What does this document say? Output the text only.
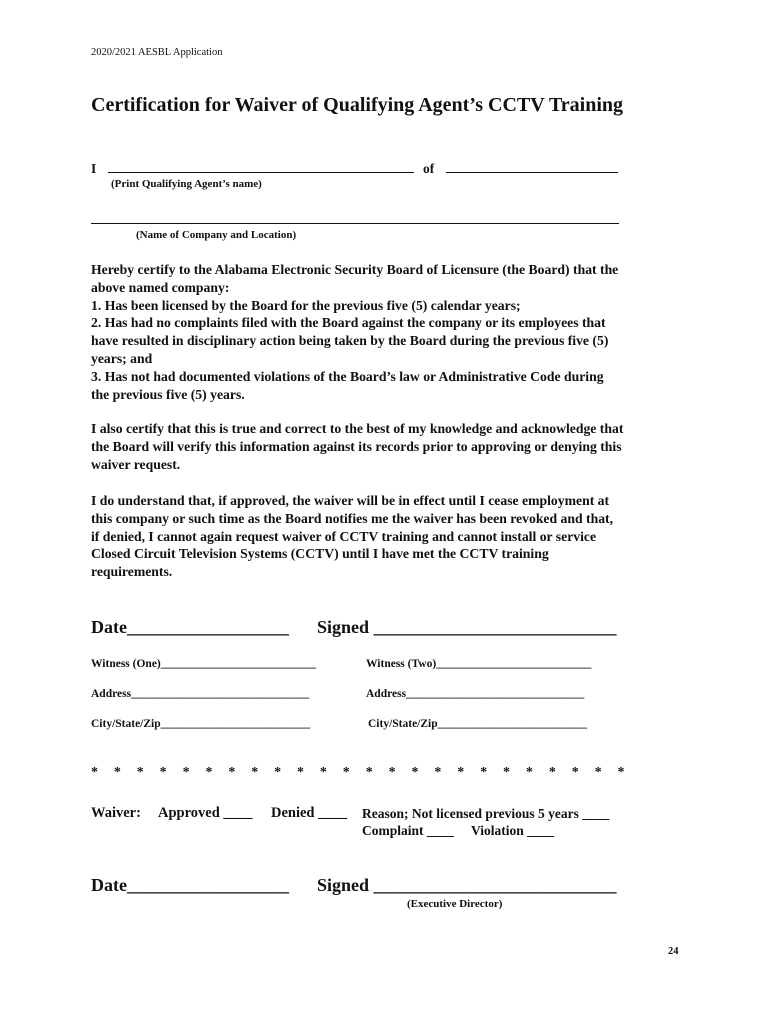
2020/2021 AESBL Application
Certification for Waiver of Qualifying Agent’s CCTV Training
I	of
(Print Qualifying Agent’s name)
(Name of Company and Location)

Hereby certify to the Alabama Electronic Security Board of Licensure (the Board) that the

above named company:

1. Has been licensed by the Board for the previous five (5) calendar years;

2. Has had no complaints filed with the Board against the company or its employees that

have resulted in disciplinary action being taken by the Board during the previous five (5)

years; and

3. Has not had documented violations of the Board’s law or Administrative Code during

the previous five (5) years.

I also certify that this is true and correct to the best of my knowledge and acknowledge that

the Board will verify this information against its records prior to approving or denying this

waiver request.

I do understand that, if approved, the waiver will be in effect until I cease employment at

this company or such time as the Board notifies me the waiver has been revoked and that,

if denied, I cannot again request waiver of CCTV training and cannot install or service

Closed Circuit Television Systems (CCTV) until I have met the CCTV training

requirements.

Date__________________ Signed ___________________________
Witness (One)___________________________	Witness (Two)___________________________
Address_______________________________	Address_______________________________
City/State/Zip__________________________	City/State/Zip__________________________
* * * * * * * * * * * * * * * * * * * * * * * *
Waiver: Approved ____ Denied ____ Reason; Not licensed previous 5 years ____
Complaint ____ Violation ____
Date__________________ Signed ___________________________
(Executive Director)
24
